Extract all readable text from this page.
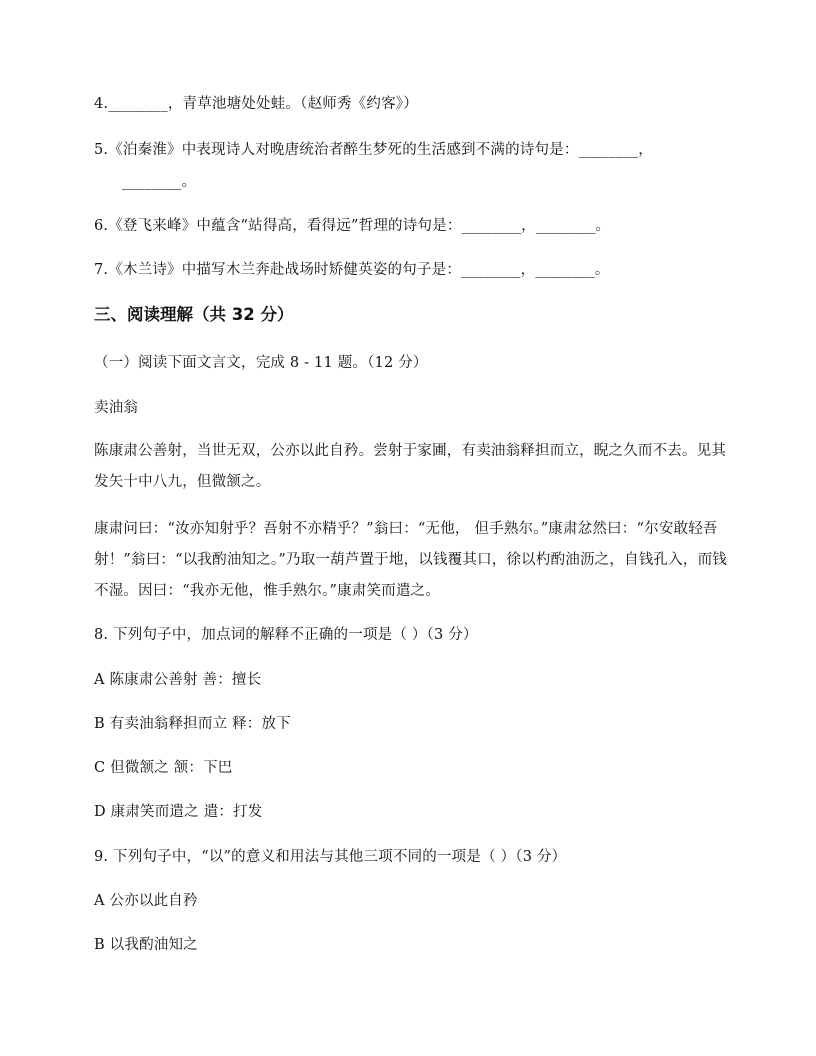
4.________，青草池塘处处蛙。（赵师秀《约客》）
5.《泊秦淮》中表现诗人对晚唐统治者醉生梦死的生活感到不满的诗句是：________，
________。
6.《登飞来峰》中蕴含“站得高，看得远”哲理的诗句是：________，________。
7.《木兰诗》中描写木兰奔赴战场时矫健英姿的句子是：________，________。
三、阅读理解（共 32 分）
（一）阅读下面文言文，完成 8 - 11 题。（12 分）
卖油翁
陈康肃公善射，当世无双，公亦以此自矜。尝射于家圃，有卖油翁释担而立，睨之久而不去。见其发矢十中八九，但微颔之。
康肃问曰：“汝亦知射乎？吾射不亦精乎？”翁曰：“无他， 但手熟尔。”康肃忿然曰：“尔安敢轻吾射！”翁曰：“以我酌油知之。”乃取一葫芦置于地，以钱覆其口，徐以杓酌油沥之，自钱孔入，而钱不湿。因曰：“我亦无他，惟手熟尔。”康肃笑而遣之。
8. 下列句子中，加点词的解释不正确的一项是（ ）（3 分）
A 陈康肃公善射 善：擅长
B 有卖油翁释担而立 释：放下
C 但微颔之 颔：下巴
D 康肃笑而遣之 遣：打发
9. 下列句子中，“以”的意义和用法与其他三项不同的一项是（ ）（3 分）
A 公亦以此自矜
B 以我酌油知之
